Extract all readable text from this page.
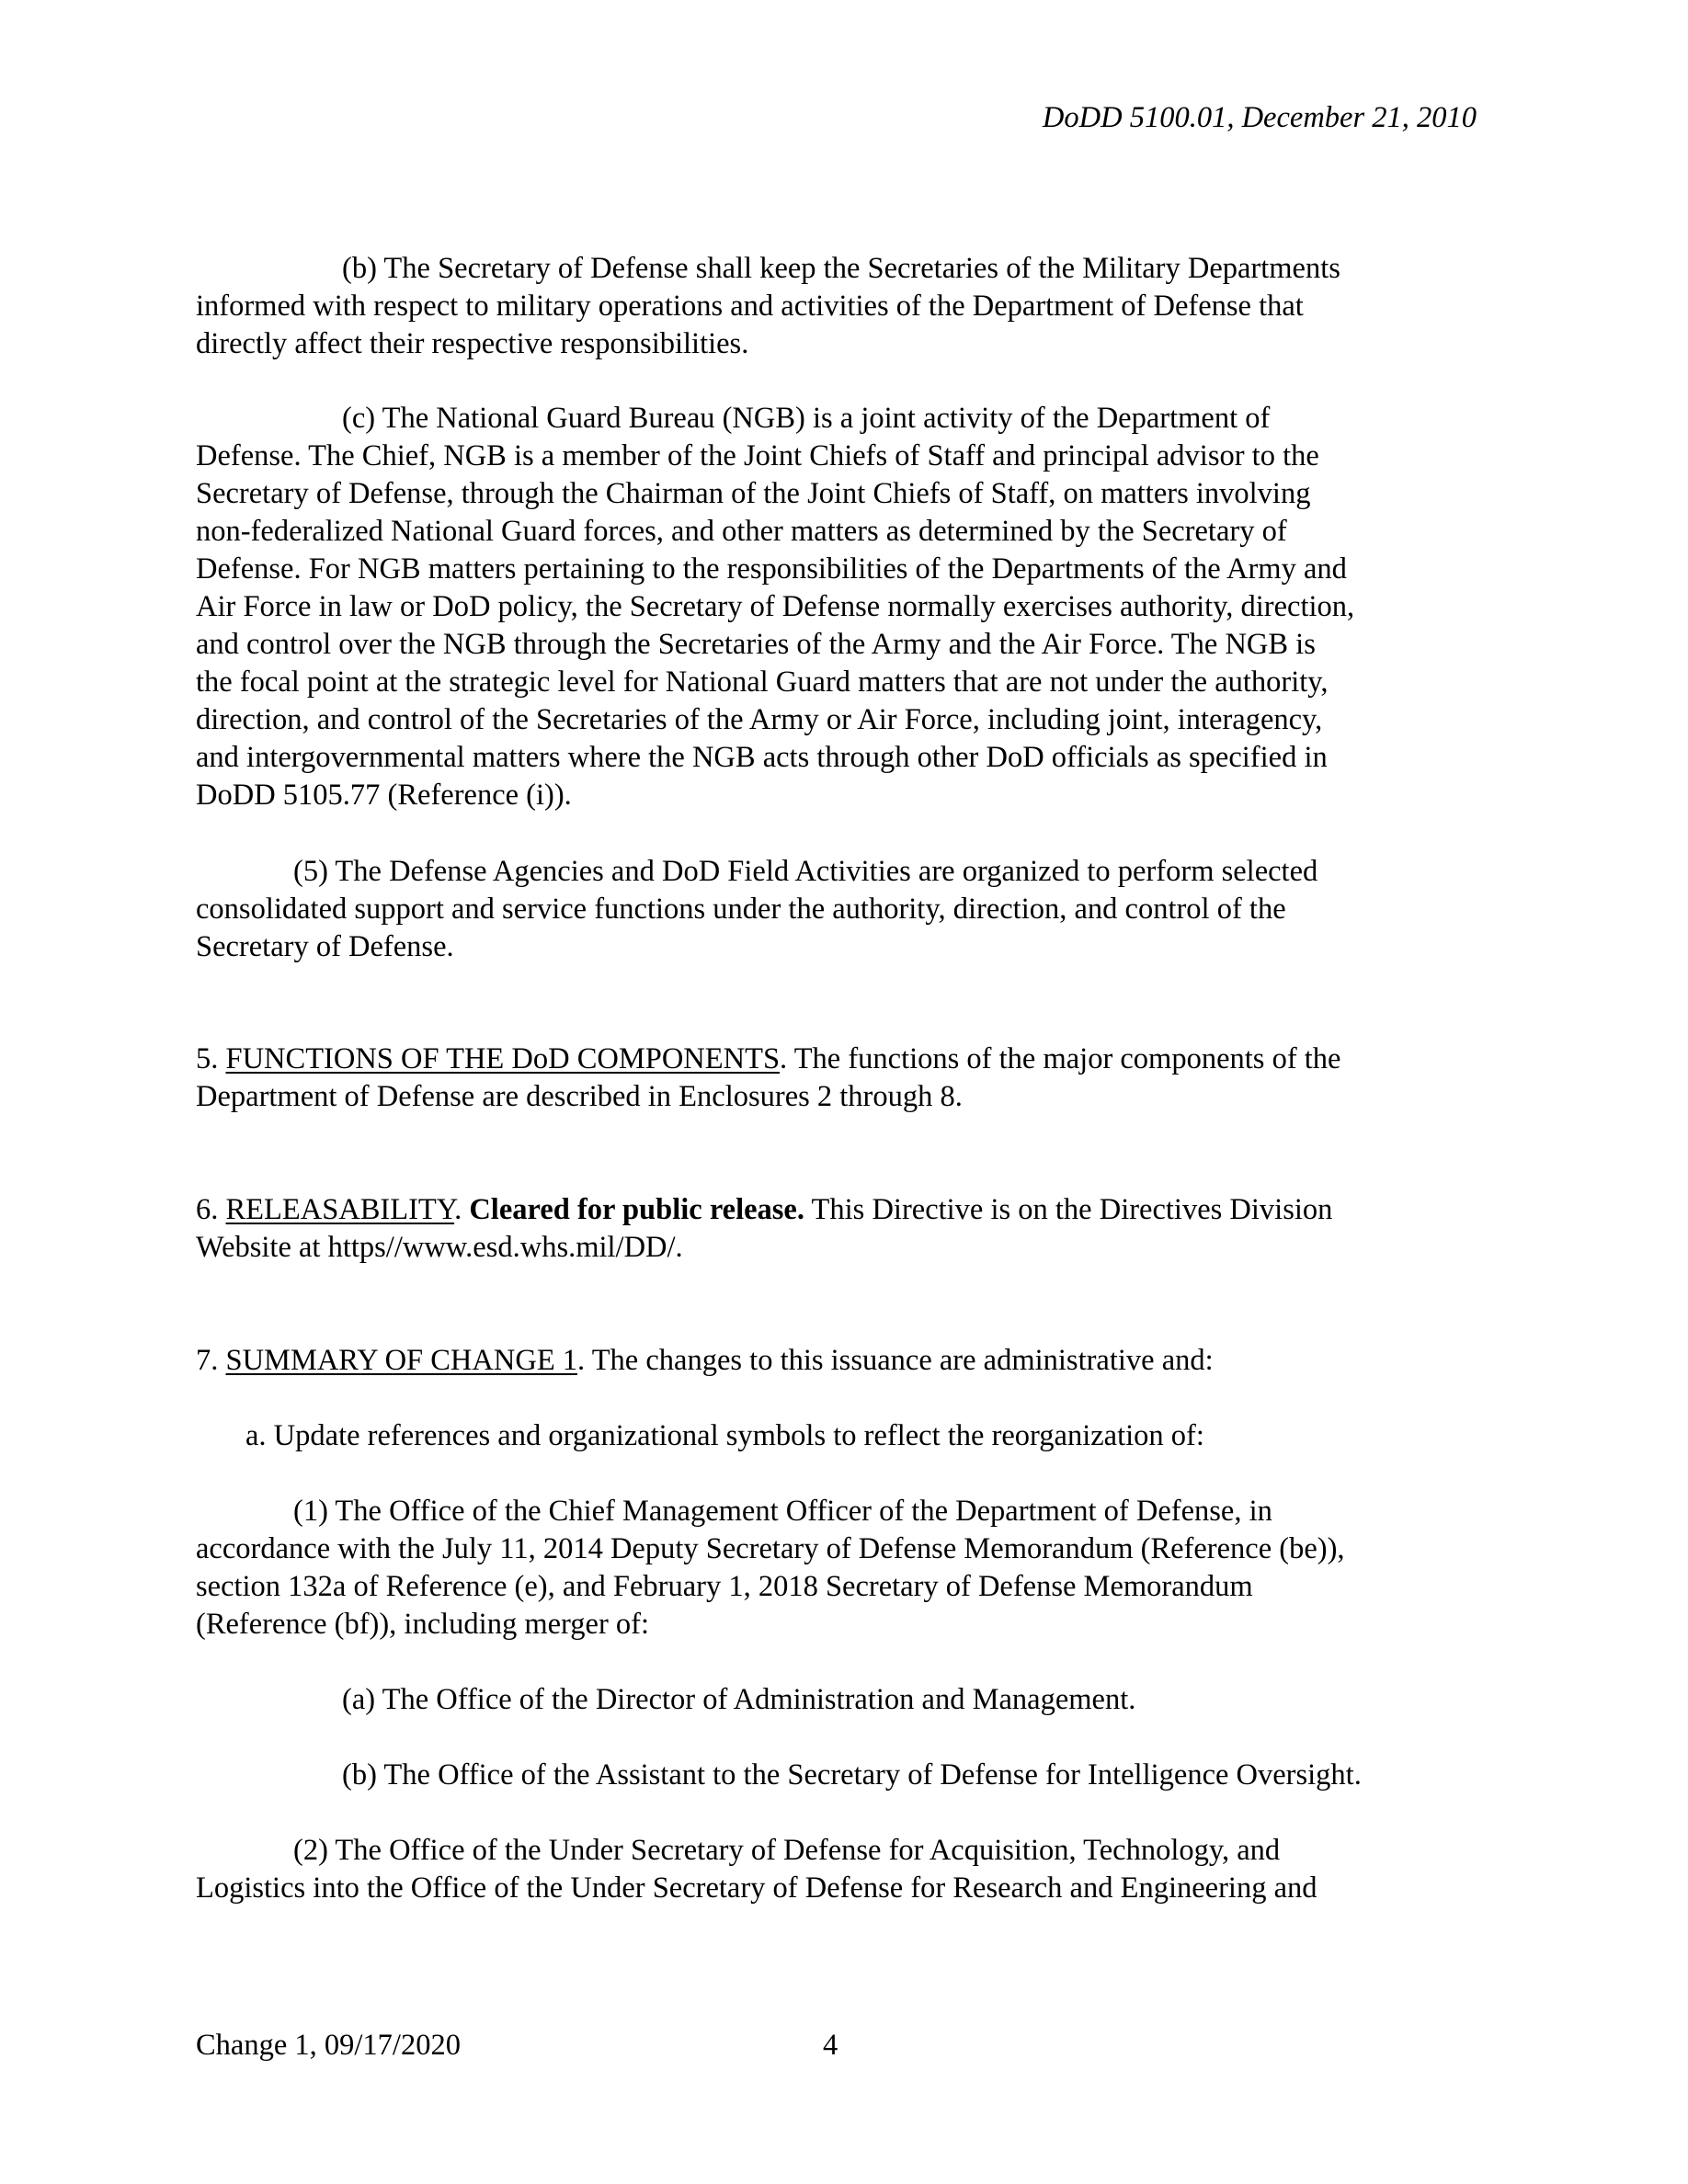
DoDD 5100.01, December 21, 2010
(b) The Secretary of Defense shall keep the Secretaries of the Military Departments
informed with respect to military operations and activities of the Department of Defense that
directly affect their respective responsibilities.
(c) The National Guard Bureau (NGB) is a joint activity of the Department of
Defense. The Chief, NGB is a member of the Joint Chiefs of Staff and principal advisor to the
Secretary of Defense, through the Chairman of the Joint Chiefs of Staff, on matters involving
non-federalized National Guard forces, and other matters as determined by the Secretary of
Defense. For NGB matters pertaining to the responsibilities of the Departments of the Army and
Air Force in law or DoD policy, the Secretary of Defense normally exercises authority, direction,
and control over the NGB through the Secretaries of the Army and the Air Force. The NGB is
the focal point at the strategic level for National Guard matters that are not under the authority,
direction, and control of the Secretaries of the Army or Air Force, including joint, interagency,
and intergovernmental matters where the NGB acts through other DoD officials as specified in
DoDD 5105.77 (Reference (i)).
(5) The Defense Agencies and DoD Field Activities are organized to perform selected
consolidated support and service functions under the authority, direction, and control of the
Secretary of Defense.
5. FUNCTIONS OF THE DoD COMPONENTS. The functions of the major components of the
Department of Defense are described in Enclosures 2 through 8.
6. RELEASABILITY. Cleared for public release. This Directive is on the Directives Division
Website at https//www.esd.whs.mil/DD/.
7. SUMMARY OF CHANGE 1. The changes to this issuance are administrative and:
a. Update references and organizational symbols to reflect the reorganization of:
(1) The Office of the Chief Management Officer of the Department of Defense, in
accordance with the July 11, 2014 Deputy Secretary of Defense Memorandum (Reference (be)),
section 132a of Reference (e), and February 1, 2018 Secretary of Defense Memorandum
(Reference (bf)), including merger of:
(a) The Office of the Director of Administration and Management.
(b) The Office of the Assistant to the Secretary of Defense for Intelligence Oversight.
(2) The Office of the Under Secretary of Defense for Acquisition, Technology, and
Logistics into the Office of the Under Secretary of Defense for Research and Engineering and
Change 1, 09/17/2020	4
